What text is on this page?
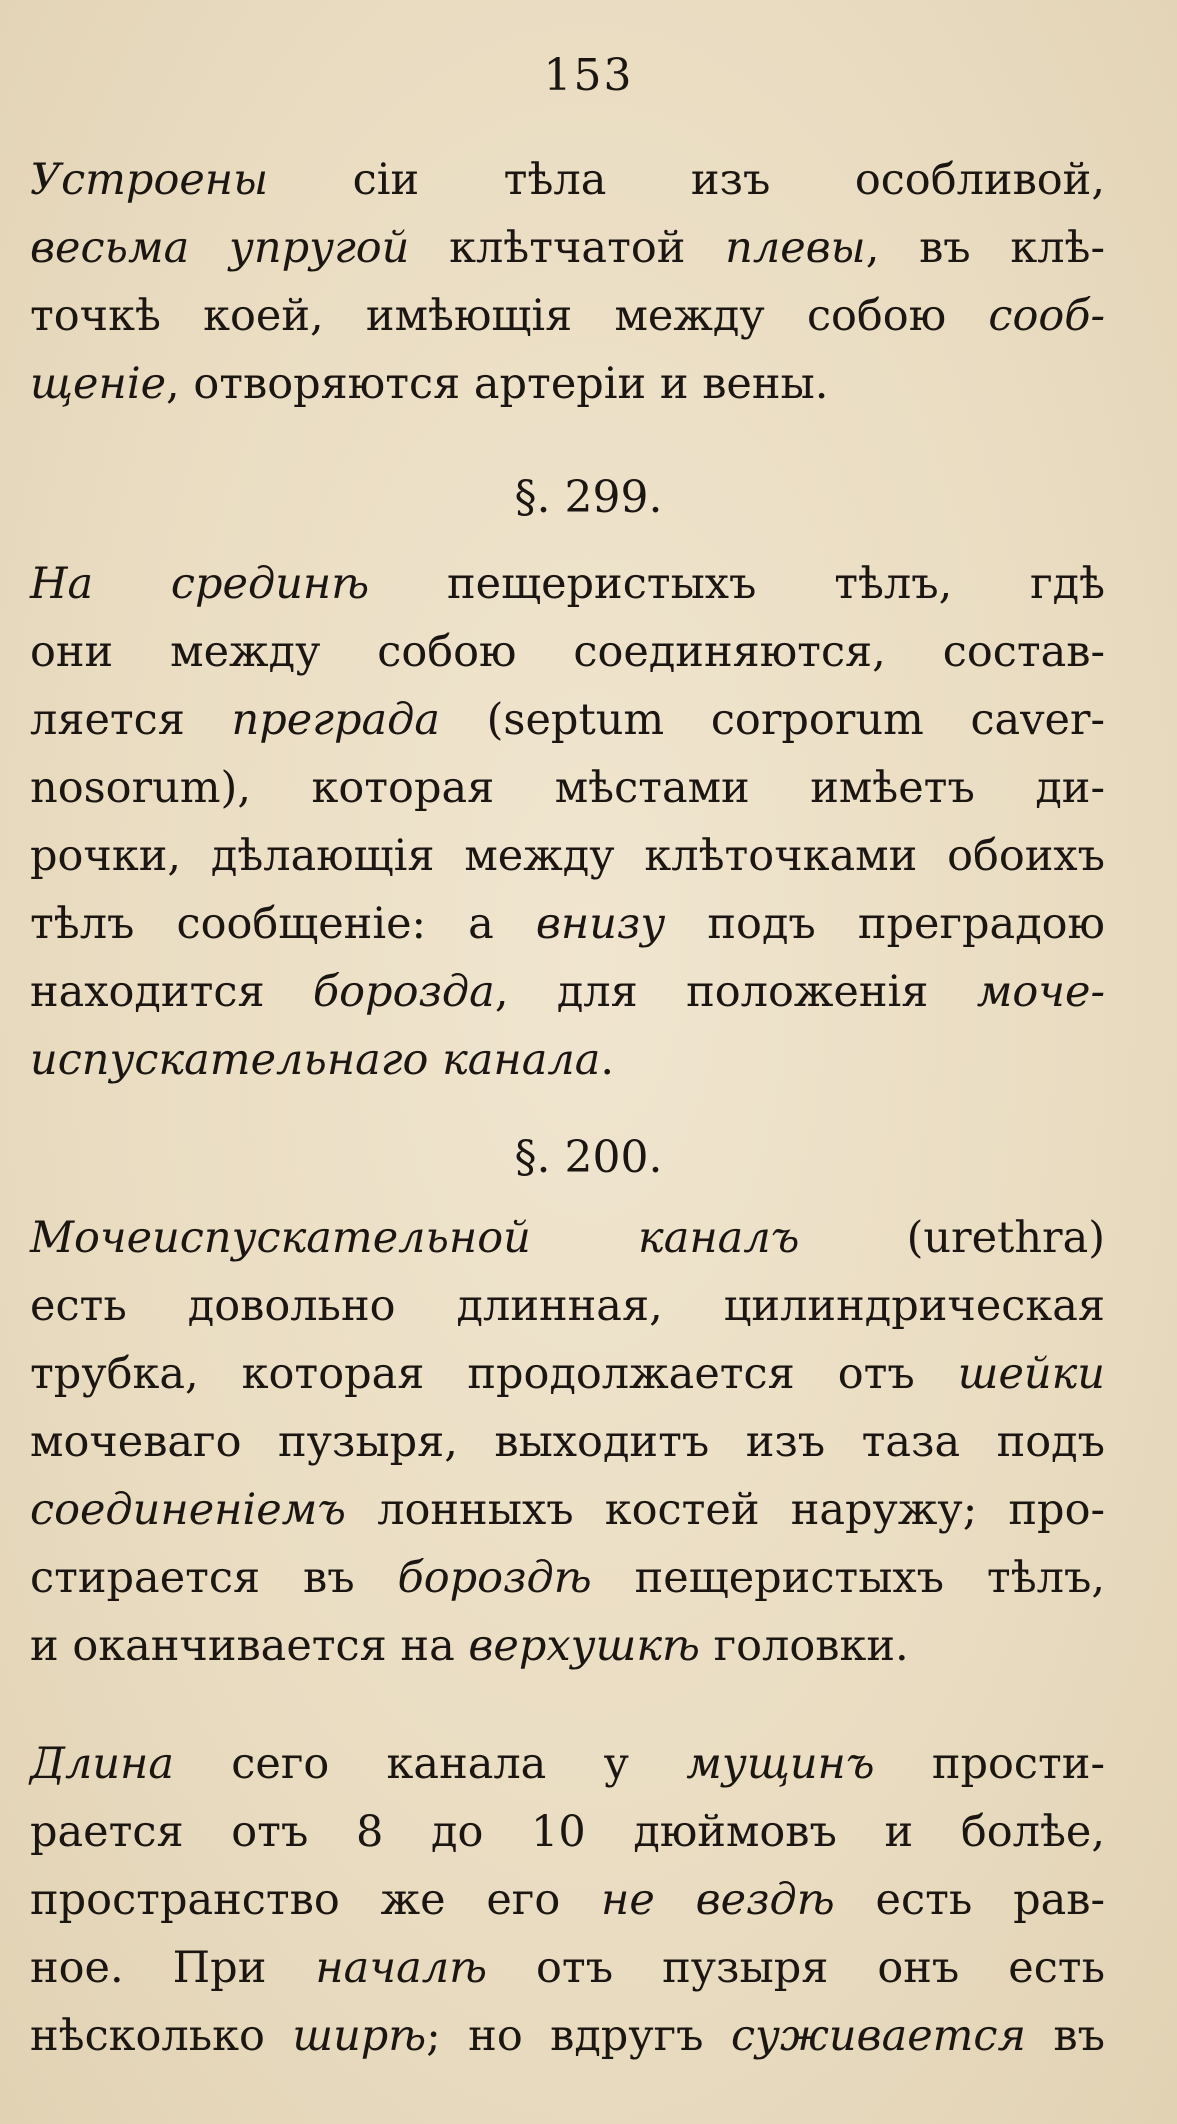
153
Устроены сіи тѣла изъ особливой,
весьма упругой клѣтчатой плевы, въ клѣ-
точкѣ коей, имѣющія между собою сооб-
щеніе, отворяются артеріи и вены.
§. 299.
На срединѣ пещеристыхъ тѣлъ, гдѣ
они между собою соединяются, состав-
ляется преграда (septum corporum caver-
nosorum), которая мѣстами имѣетъ ди-
рочки, дѣлающія между клѣточками обоихъ
тѣлъ сообщеніе: а внизу подъ преградою
находится борозда, для положенія моче-
испускательнаго канала.
§. 200.
Мочеиспускательной каналъ (urethra)
есть довольно длинная, цилиндрическая
трубка, которая продолжается отъ шейки
мочеваго пузыря, выходитъ изъ таза подъ
соединеніемъ лонныхъ костей наружу; про-
стирается въ бороздѣ пещеристыхъ тѣлъ,
и оканчивается на верхушкѣ головки.
Длина сего канала у мущинъ прости-
рается отъ 8 до 10 дюймовъ и болѣе,
пространство же его не вездѣ есть рав-
ное. При началѣ отъ пузыря онъ есть
нѣсколько ширѣ; но вдругъ суживается въ
